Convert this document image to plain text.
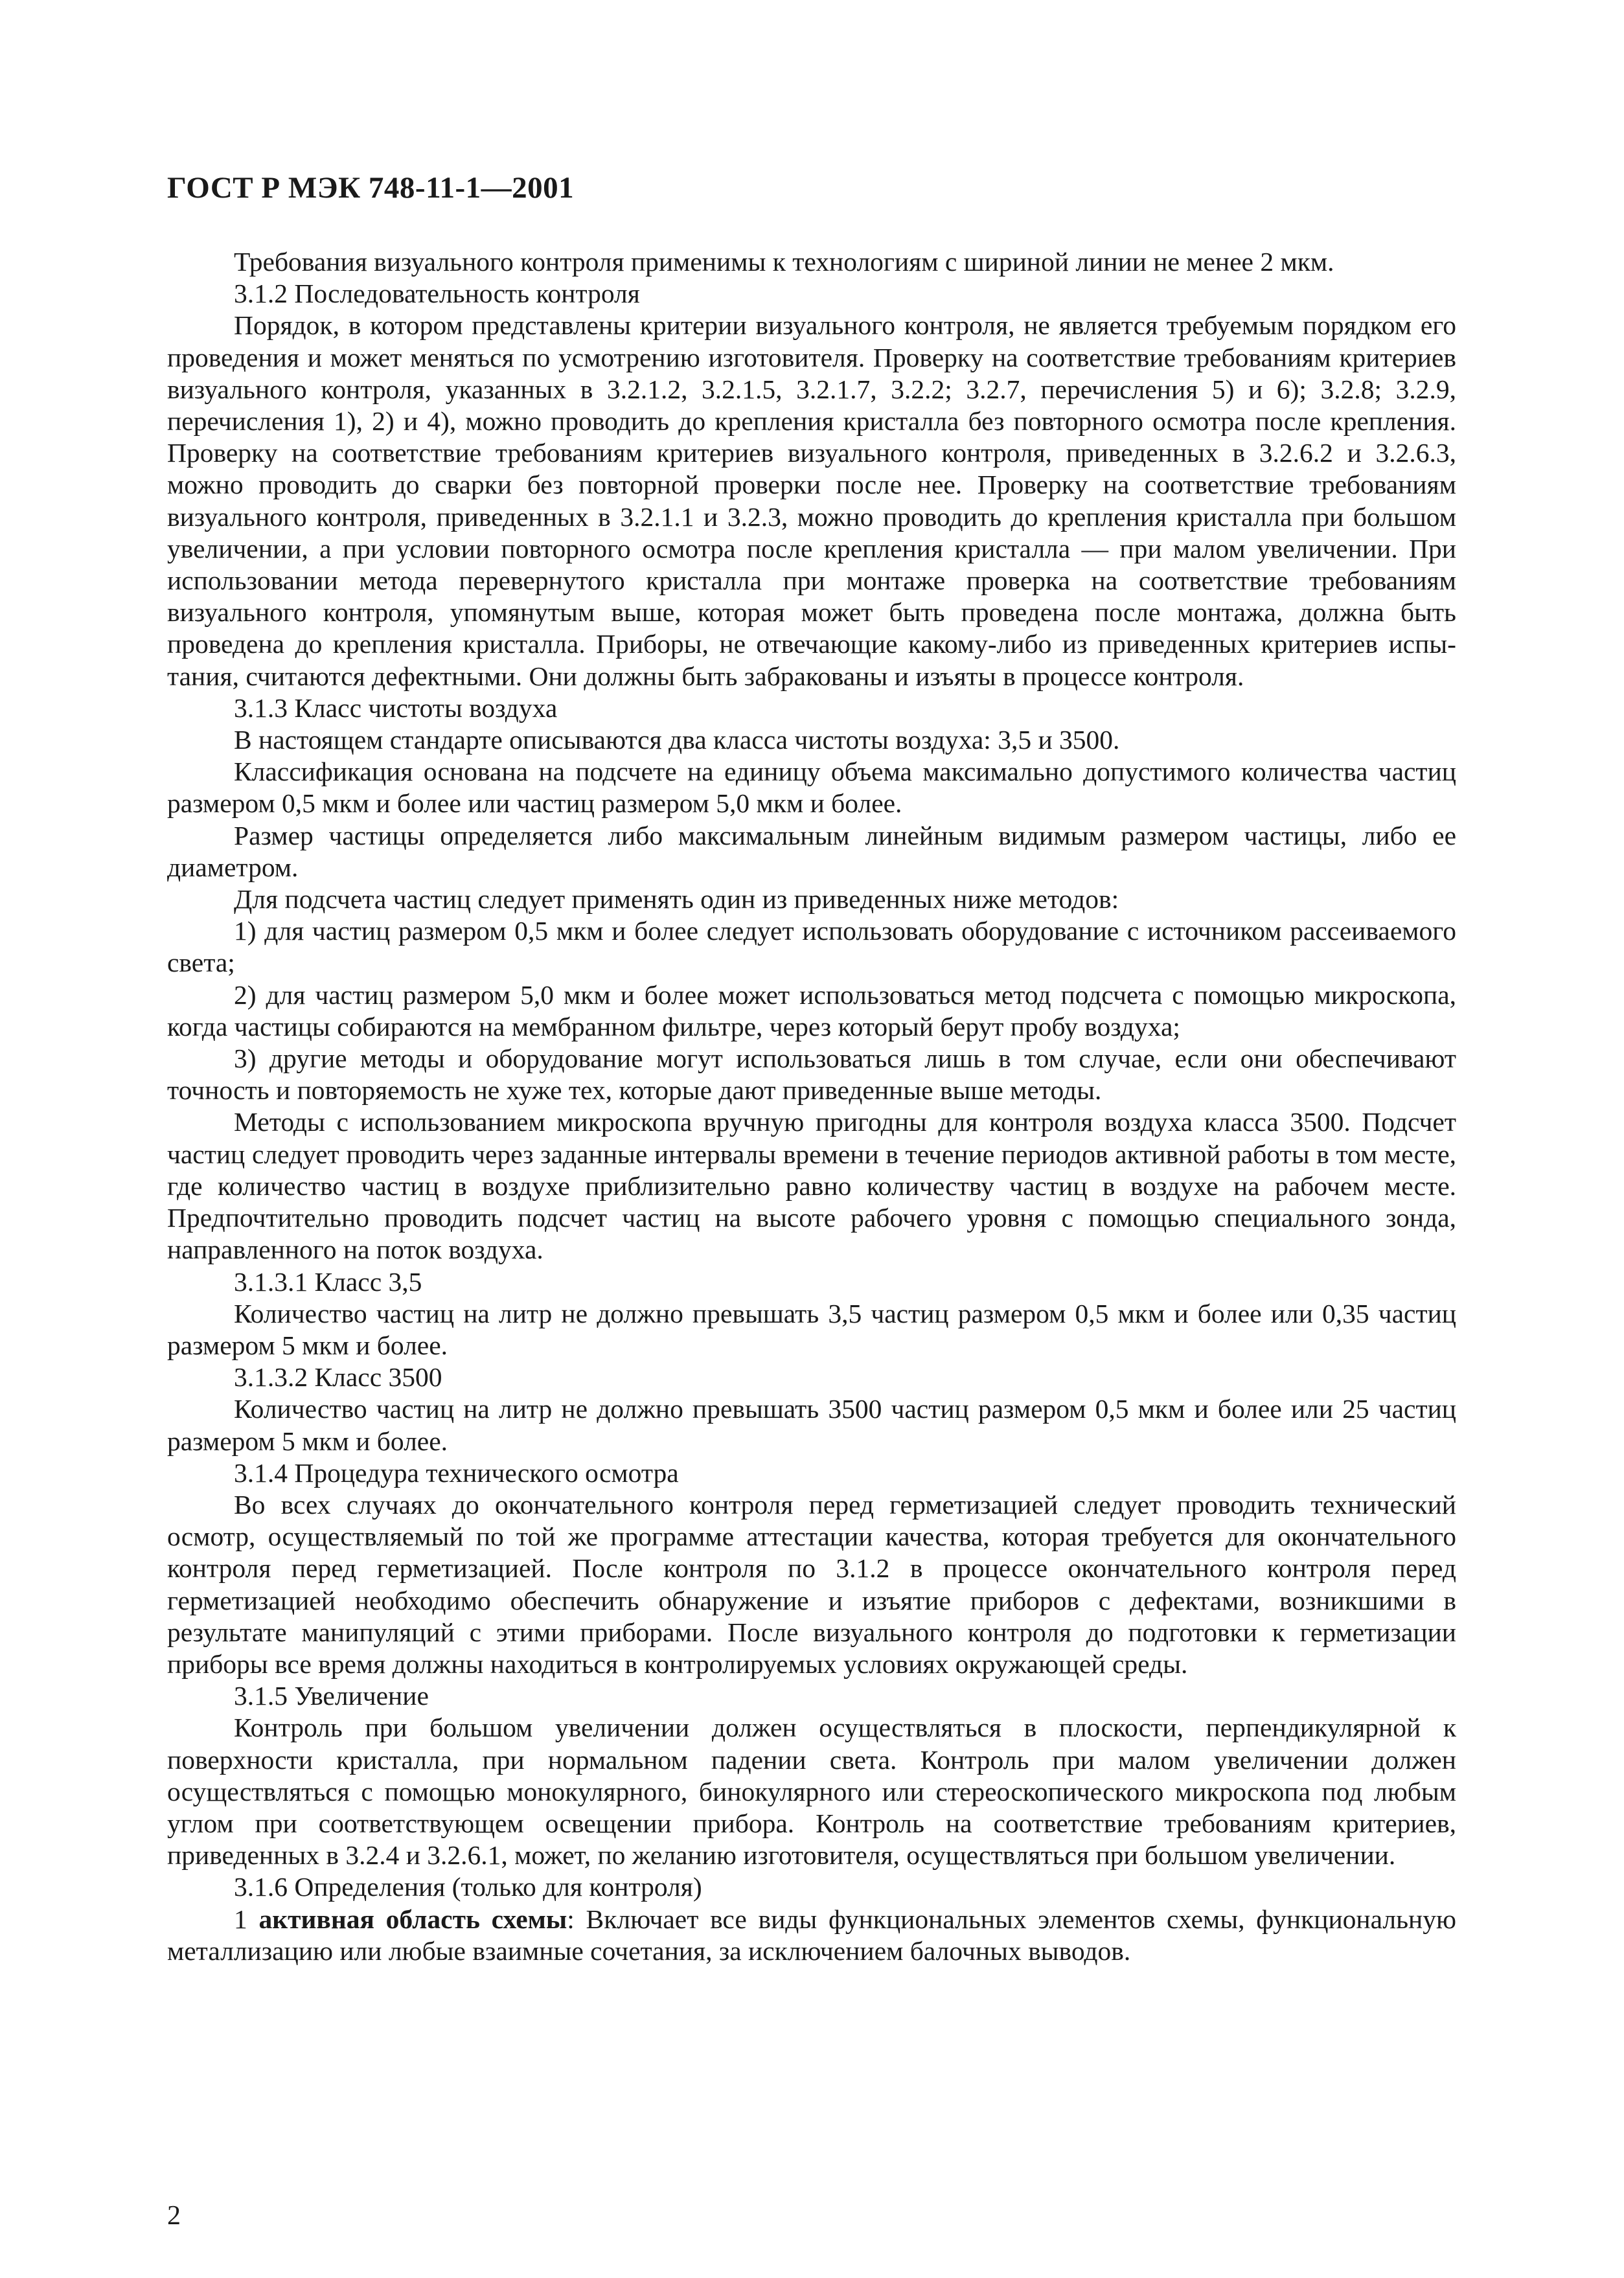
ГОСТ Р МЭК 748-11-1—2001

Требования визуального контроля применимы к технологиям с шириной линии не менее 2 мкм.

3.1.2 Последовательность контроля

Порядок, в котором представлены критерии визуального контроля, не является требуемым порядком его проведения и может меняться по усмотрению изготовителя. Проверку на соответствие требованиям критериев визуального контроля, указанных в 3.2.1.2, 3.2.1.5, 3.2.1.7, 3.2.2; 3.2.7, перечисления 5) и 6); 3.2.8; 3.2.9, перечисления 1), 2) и 4), можно проводить до крепления кристалла без повторного осмотра после крепления. Проверку на соответствие требованиям критериев визуального контроля, приведенных в 3.2.6.2 и 3.2.6.3, можно проводить до сварки без повторной проверки после нее. Проверку на соответствие требованиям визуального контроля, приведенных в 3.2.1.1 и 3.2.3, можно проводить до крепления кристалла при большом увеличении, а при условии повторного осмотра после крепления кристалла — при малом увеличении. При использовании метода перевернутого кристалла при монтаже проверка на соответствие требованиям визуального контроля, упомянутым выше, которая может быть проведена после монтажа, должна быть проведена до крепления кристалла. Приборы, не отвечающие какому-либо из приведенных критериев испытания, считаются дефектными. Они должны быть забракованы и изъяты в процессе контроля.

3.1.3 Класс чистоты воздуха

В настоящем стандарте описываются два класса чистоты воздуха: 3,5 и 3500.

Классификация основана на подсчете на единицу объема максимально допустимого количества частиц размером 0,5 мкм и более или частиц размером 5,0 мкм и более.

Размер частицы определяется либо максимальным линейным видимым размером частицы, либо ее диаметром.

Для подсчета частиц следует применять один из приведенных ниже методов:

1) для частиц размером 0,5 мкм и более следует использовать оборудование с источником рассеиваемого света;

2) для частиц размером 5,0 мкм и более может использоваться метод подсчета с помощью микроскопа, когда частицы собираются на мембранном фильтре, через который берут пробу воздуха;

3) другие методы и оборудование могут использоваться лишь в том случае, если они обеспечивают точность и повторяемость не хуже тех, которые дают приведенные выше методы.

Методы с использованием микроскопа вручную пригодны для контроля воздуха класса 3500. Подсчет частиц следует проводить через заданные интервалы времени в течение периодов активной работы в том месте, где количество частиц в воздухе приблизительно равно количеству частиц в воздухе на рабочем месте. Предпочтительно проводить подсчет частиц на высоте рабочего уровня с помощью специального зонда, направленного на поток воздуха.

3.1.3.1 Класс 3,5

Количество частиц на литр не должно превышать 3,5 частиц размером 0,5 мкм и более или 0,35 частиц размером 5 мкм и более.

3.1.3.2 Класс 3500

Количество частиц на литр не должно превышать 3500 частиц размером 0,5 мкм и более или 25 частиц размером 5 мкм и более.

3.1.4 Процедура технического осмотра

Во всех случаях до окончательного контроля перед герметизацией следует проводить технический осмотр, осуществляемый по той же программе аттестации качества, которая требуется для окончательного контроля перед герметизацией. После контроля по 3.1.2 в процессе окончательного контроля перед герметизацией необходимо обеспечить обнаружение и изъятие приборов с дефектами, возникшими в результате манипуляций с этими приборами. После визуального контроля до подготовки к герметизации приборы все время должны находиться в контролируемых условиях окружающей среды.

3.1.5 Увеличение

Контроль при большом увеличении должен осуществляться в плоскости, перпендикулярной к поверхности кристалла, при нормальном падении света. Контроль при малом увеличении должен осуществляться с помощью монокулярного, бинокулярного или стереоскопического микроскопа под любым углом при соответствующем освещении прибора. Контроль на соответствие требованиям критериев, приведенных в 3.2.4 и 3.2.6.1, может, по желанию изготовителя, осуществляться при большом увеличении.

3.1.6 Определения (только для контроля)

1 активная область схемы: Включает все виды функциональных элементов схемы, функциональную металлизацию или любые взаимные сочетания, за исключением балочных выводов.

2
